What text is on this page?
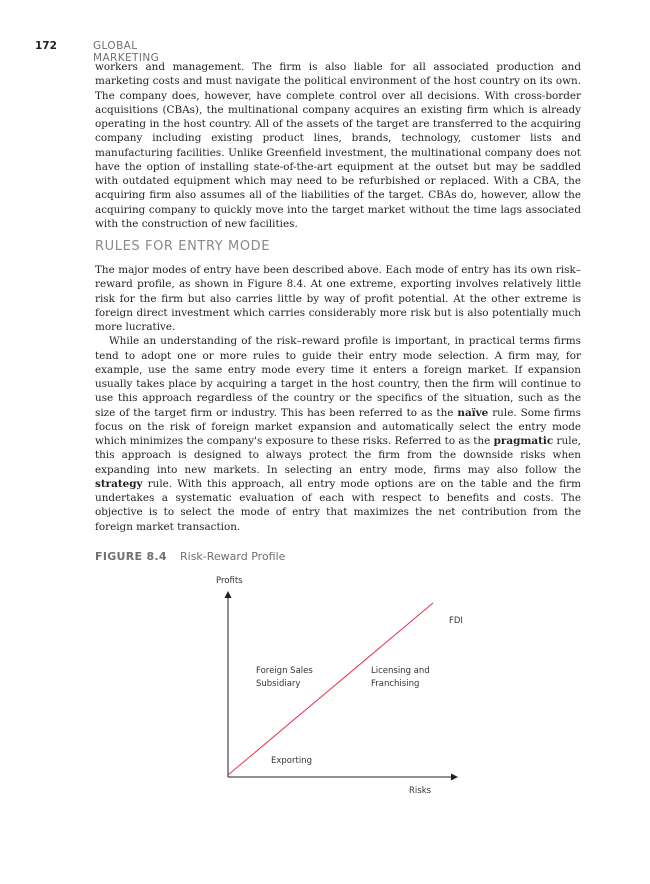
172	GLOBAL MARKETING

workers and management. The firm is also liable for all associated production and marketing costs and must navigate the political environment of the host country on its own. The company does, however, have complete control over all decisions. With cross-border acquisitions (CBAs), the multinational company acquires an existing firm which is already operating in the host country. All of the assets of the target are transferred to the acquiring company including existing product lines, brands, technology, customer lists and manufacturing facilities. Unlike Greenfield investment, the multinational company does not have the option of installing state-of-the-art equipment at the outset but may be saddled with outdated equipment which may need to be refurbished or replaced. With a CBA, the acquiring firm also assumes all of the liabilities of the target. CBAs do, however, allow the acquiring company to quickly move into the target market without the time lags associated with the construction of new facilities.

RULES FOR ENTRY MODE

The major modes of entry have been described above. Each mode of entry has its own risk–reward profile, as shown in Figure 8.4. At one extreme, exporting involves relatively little risk for the firm but also carries little by way of profit potential. At the other extreme is foreign direct investment which carries considerably more risk but is also potentially much more lucrative.

While an understanding of the risk–reward profile is important, in practical terms firms tend to adopt one or more rules to guide their entry mode selection. A firm may, for example, use the same entry mode every time it enters a foreign market. If expansion usually takes place by acquiring a target in the host country, then the firm will continue to use this approach regardless of the country or the specifics of the situation, such as the size of the target firm or industry. This has been referred to as the naïve rule. Some firms focus on the risk of foreign market expansion and automatically select the entry mode which minimizes the company's exposure to these risks. Referred to as the pragmatic rule, this approach is designed to always protect the firm from the downside risks when expanding into new markets. In selecting an entry mode, firms may also follow the strategy rule. With this approach, all entry mode options are on the table and the firm undertakes a systematic evaluation of each with respect to benefits and costs. The objective is to select the mode of entry that maximizes the net contribution from the foreign market transaction.

FIGURE 8.4 Risk-Reward Profile
Profits
FDI
Foreign Sales
Subsidiary
Licensing and
Franchising
Exporting
Risks
